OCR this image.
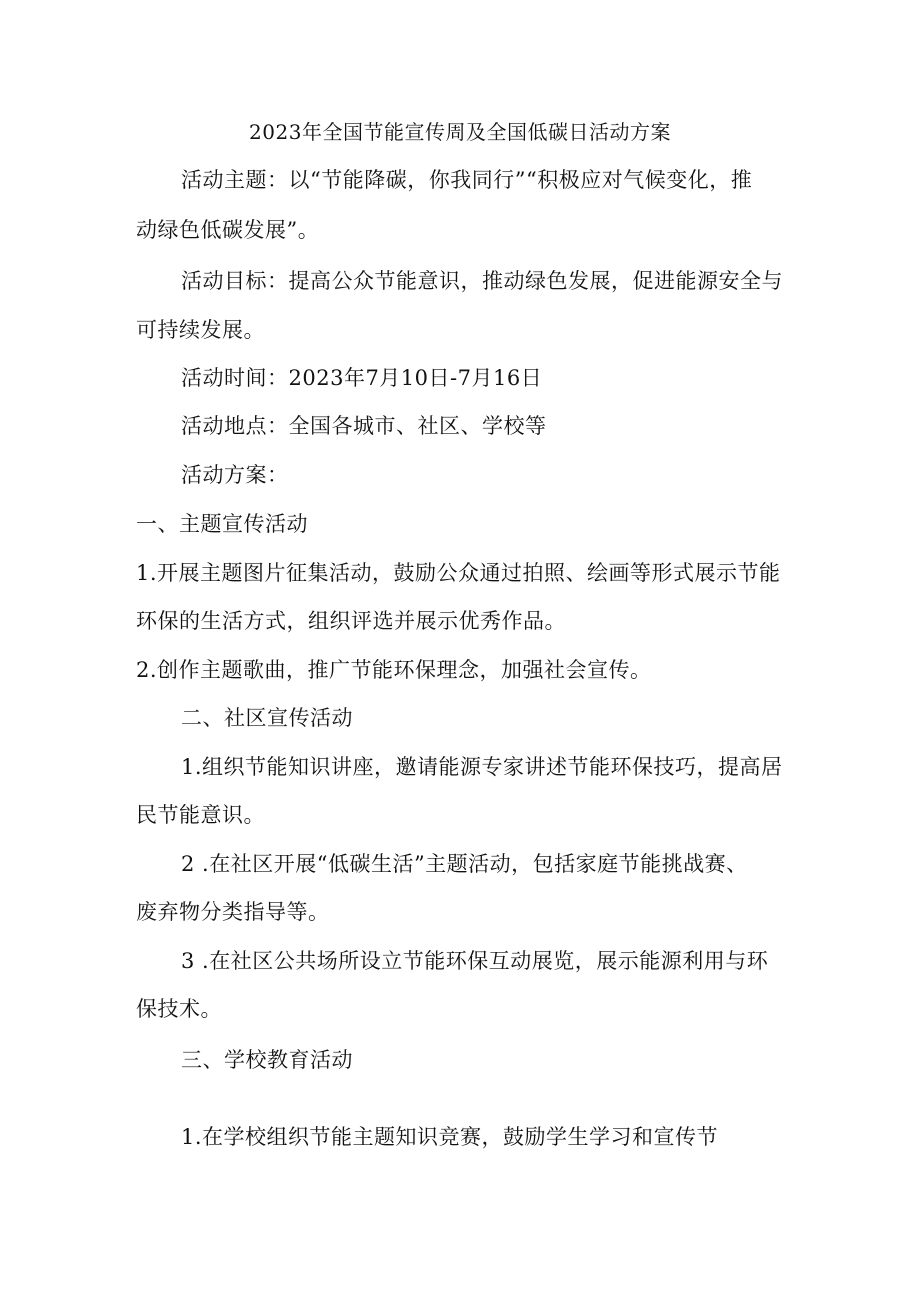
2023年全国节能宣传周及全国低碳日活动方案
活动主题：以“节能降碳，你我同行”“积极应对气候变化，推
动绿色低碳发展”。
活动目标：提高公众节能意识，推动绿色发展，促进能源安全与
可持续发展。
活动时间：2023年7月10日-7月16日
活动地点：全国各城市、社区、学校等
活动方案：
一、主题宣传活动
1.开展主题图片征集活动，鼓励公众通过拍照、绘画等形式展示节能
环保的生活方式，组织评选并展示优秀作品。
2.创作主题歌曲，推广节能环保理念，加强社会宣传。
二、社区宣传活动
1.组织节能知识讲座，邀请能源专家讲述节能环保技巧，提高居
民节能意识。
2 .在社区开展“低碳生活”主题活动，包括家庭节能挑战赛、
废弃物分类指导等。
3 .在社区公共场所设立节能环保互动展览，展示能源利用与环
保技术。
三、学校教育活动
1.在学校组织节能主题知识竞赛，鼓励学生学习和宣传节
